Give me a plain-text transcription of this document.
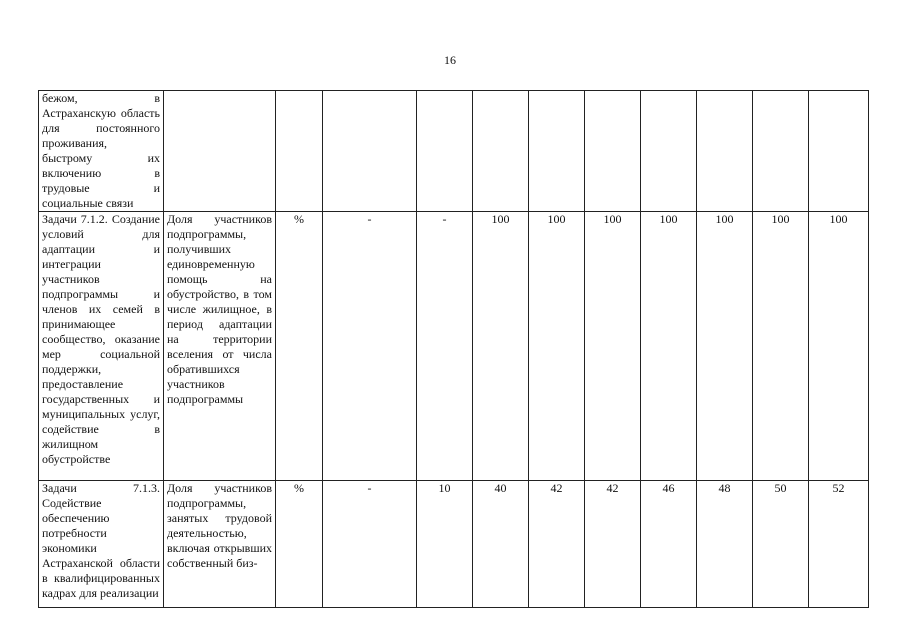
16
бежом, в Астраханскую область для постоянного проживания, быстрому их включению в трудовые и социальные связи											
Задачи 7.1.2. Создание условий для адаптации и интеграции участников подпрограммы и членов их семей в принимающее сообщество, оказание мер социальной поддержки, предоставление государственных и муниципальных услуг, содействие в жилищном обустройстве	Доля участников подпрограммы, получивших единовременную помощь на обустройство, в том числе жилищное, в период адаптации на территории вселения от числа обратившихся участников подпрограммы	%	-	-	100	100	100	100	100	100	100
Задачи 7.1.3. Содействие обеспечению потребности экономики Астраханской области в квалифицированных кадрах для реализации	Доля участников подпрограммы, занятых трудовой деятельностью, включая открывших собственный биз-	%	-	10	40	42	42	46	48	50	52
